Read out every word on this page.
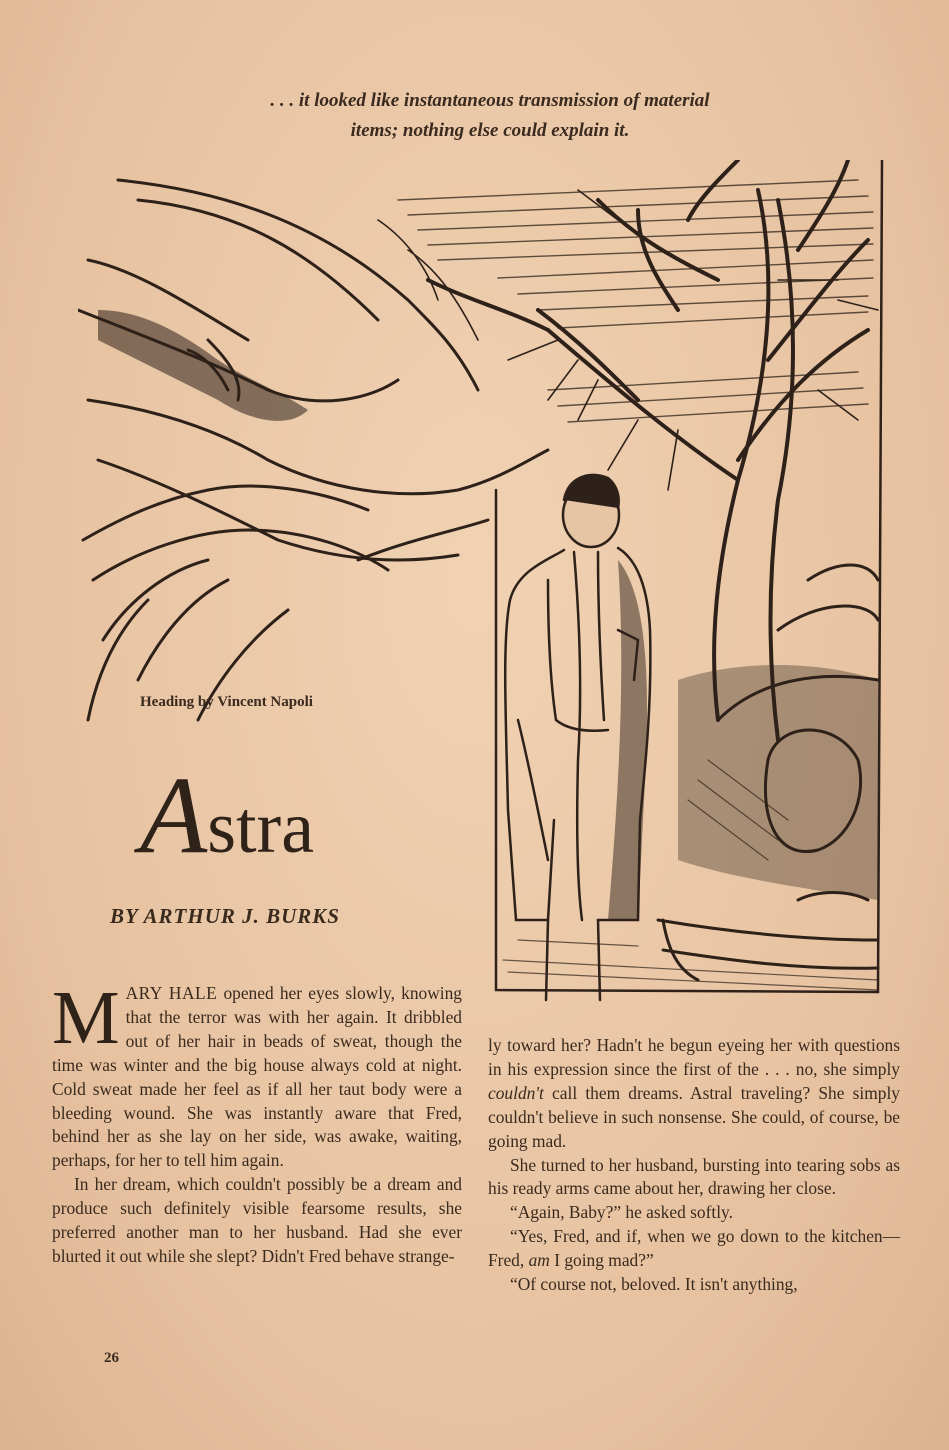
. . . it looked like instantaneous transmission of material
items; nothing else could explain it.
Heading by Vincent Napoli
Astra
BY ARTHUR J. BURKS

MARY HALE opened her eyes slowly, knowing that the terror was with her again. It dribbled out of her hair in beads of sweat, though the time was winter and the big house always cold at night. Cold sweat made her feel as if all her taut body were a bleeding wound. She was instantly aware that Fred, behind her as she lay on her side, was awake, waiting, perhaps, for her to tell him again.

In her dream, which couldn't possibly be a dream and produce such definitely visible fearsome results, she preferred another man to her husband. Had she ever blurted it out while she slept? Didn't Fred behave strange-

ly toward her? Hadn't he begun eyeing her with questions in his expression since the first of the . . . no, she simply couldn't call them dreams. Astral traveling? She simply couldn't believe in such nonsense. She could, of course, be going mad.

She turned to her husband, bursting into tearing sobs as his ready arms came about her, drawing her close.

“Again, Baby?” he asked softly.

“Yes, Fred, and if, when we go down to the kitchen—Fred, am I going mad?”

“Of course not, beloved. It isn't anything,

26
